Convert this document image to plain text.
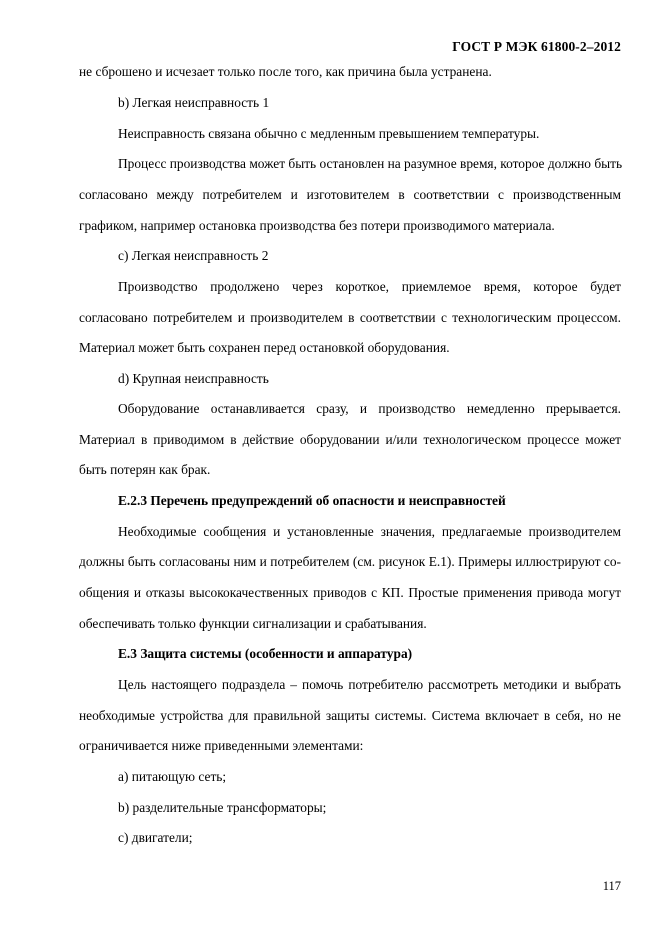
ГОСТ Р МЭК 61800-2–2012
не сброшено и исчезает только после того, как причина была устранена.
b) Легкая неисправность 1
Неисправность связана обычно с медленным превышением температуры.
Процесс производства может быть остановлен на разумное время, которое должно быть
согласовано между потребителем и изготовителем в соответствии с производственным
графиком, например остановка производства без потери производимого материала.
c) Легкая неисправность 2
Производство продолжено через короткое, приемлемое время, которое будет
согласовано потребителем и производителем в соответствии с технологическим процессом.
Материал может быть сохранен перед остановкой оборудования.
d) Крупная неисправность
Оборудование останавливается сразу, и производство немедленно прерывается.
Материал в приводимом в действие оборудовании и/или технологическом процессе может
быть потерян как брак.
Е.2.3 Перечень предупреждений об опасности и неисправностей
Необходимые сообщения и установленные значения, предлагаемые производителем
должны быть согласованы ним и потребителем (см. рисунок Е.1). Примеры иллюстрируют со-
общения и отказы высококачественных приводов с КП. Простые применения привода могут
обеспечивать только функции сигнализации и срабатывания.
Е.3 Защита системы (особенности и аппаратура)
Цель настоящего подраздела – помочь потребителю рассмотреть методики и выбрать
необходимые устройства для правильной защиты системы. Система включает в себя, но не
ограничивается ниже приведенными элементами:
a) питающую сеть;
b) разделительные трансформаторы;
c) двигатели;
117
